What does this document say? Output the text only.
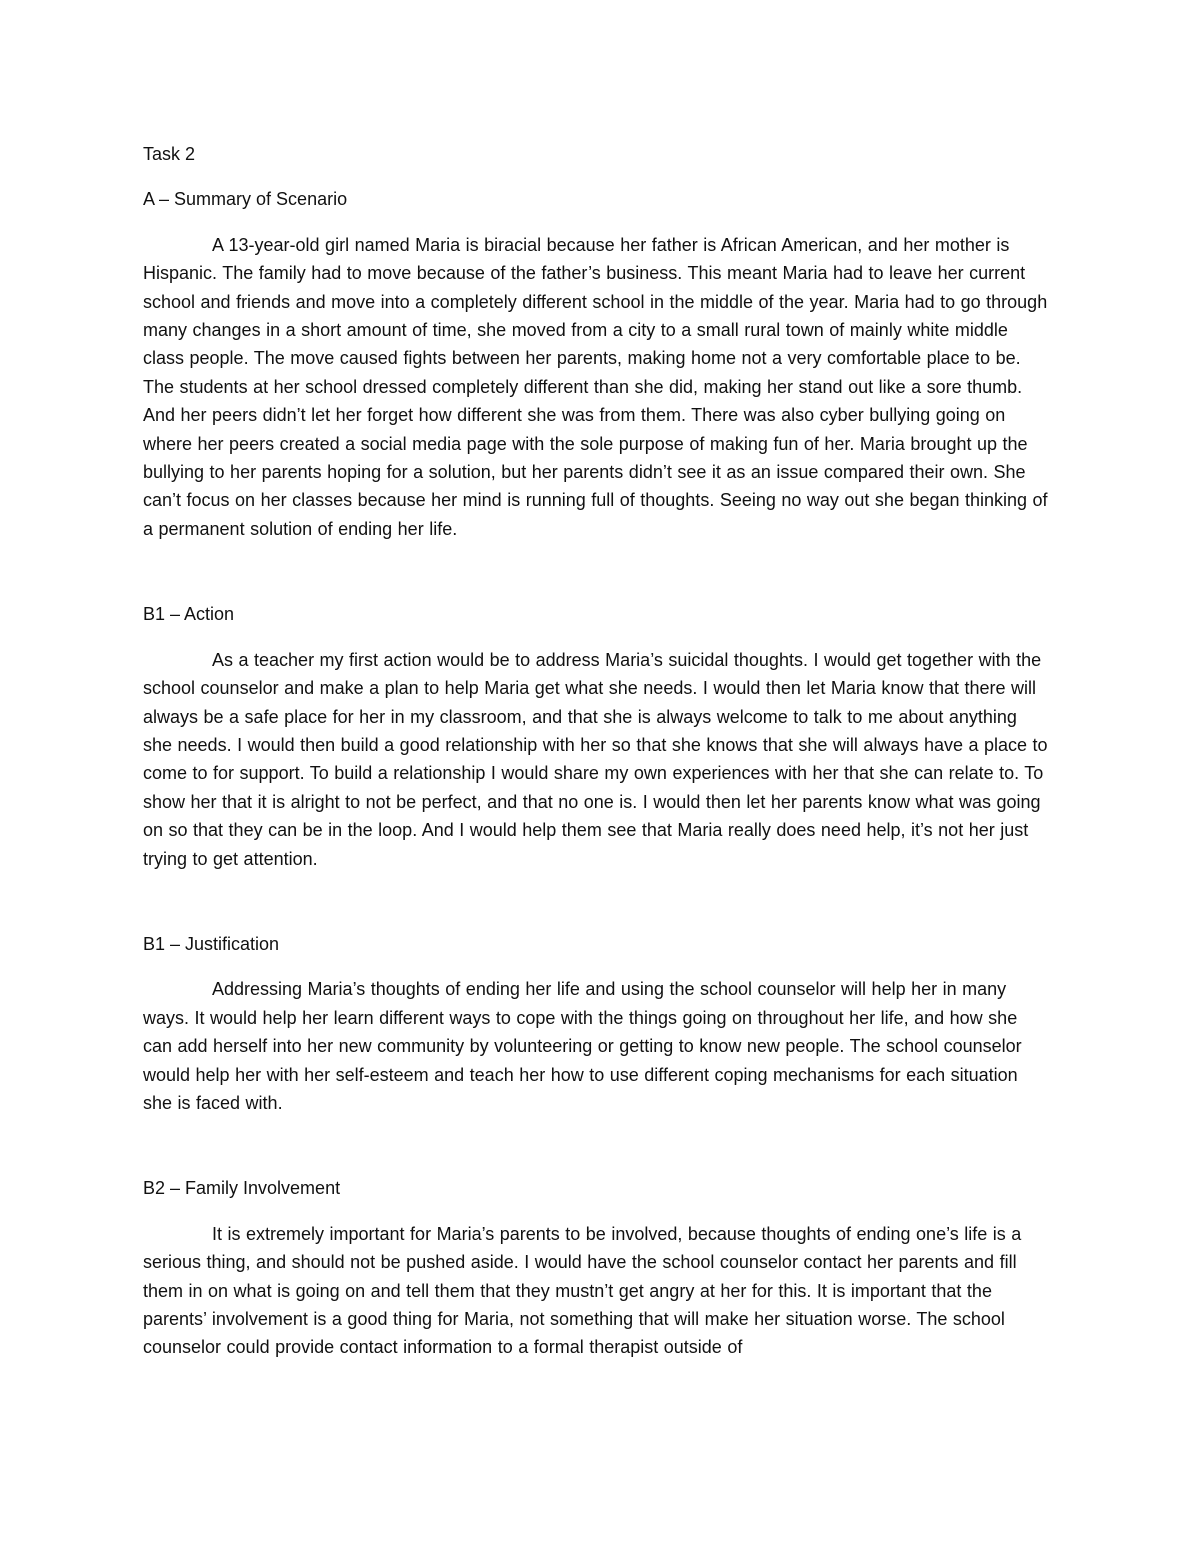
Task 2
A – Summary of Scenario

A 13-year-old girl named Maria is biracial because her father is African American, and her mother is Hispanic. The family had to move because of the father’s business. This meant Maria had to leave her current school and friends and move into a completely different school in the middle of the year. Maria had to go through many changes in a short amount of time, she moved from a city to a small rural town of mainly white middle class people. The move caused fights between her parents, making home not a very comfortable place to be. The students at her school dressed completely different than she did, making her stand out like a sore thumb. And her peers didn’t let her forget how different she was from them. There was also cyber bullying going on where her peers created a social media page with the sole purpose of making fun of her. Maria brought up the bullying to her parents hoping for a solution, but her parents didn’t see it as an issue compared their own. She can’t focus on her classes because her mind is running full of thoughts. Seeing no way out she began thinking of a permanent solution of ending her life.

B1 – Action

As a teacher my first action would be to address Maria’s suicidal thoughts. I would get together with the school counselor and make a plan to help Maria get what she needs. I would then let Maria know that there will always be a safe place for her in my classroom, and that she is always welcome to talk to me about anything she needs. I would then build a good relationship with her so that she knows that she will always have a place to come to for support. To build a relationship I would share my own experiences with her that she can relate to. To show her that it is alright to not be perfect, and that no one is. I would then let her parents know what was going on so that they can be in the loop. And I would help them see that Maria really does need help, it’s not her just trying to get attention.

B1 – Justification

Addressing Maria’s thoughts of ending her life and using the school counselor will help her in many ways. It would help her learn different ways to cope with the things going on throughout her life, and how she can add herself into her new community by volunteering or getting to know new people. The school counselor would help her with her self-esteem and teach her how to use different coping mechanisms for each situation she is faced with.

B2 – Family Involvement

It is extremely important for Maria’s parents to be involved, because thoughts of ending one’s life is a serious thing, and should not be pushed aside. I would have the school counselor contact her parents and fill them in on what is going on and tell them that they mustn’t get angry at her for this. It is important that the parents’ involvement is a good thing for Maria, not something that will make her situation worse. The school counselor could provide contact information to a formal therapist outside of
